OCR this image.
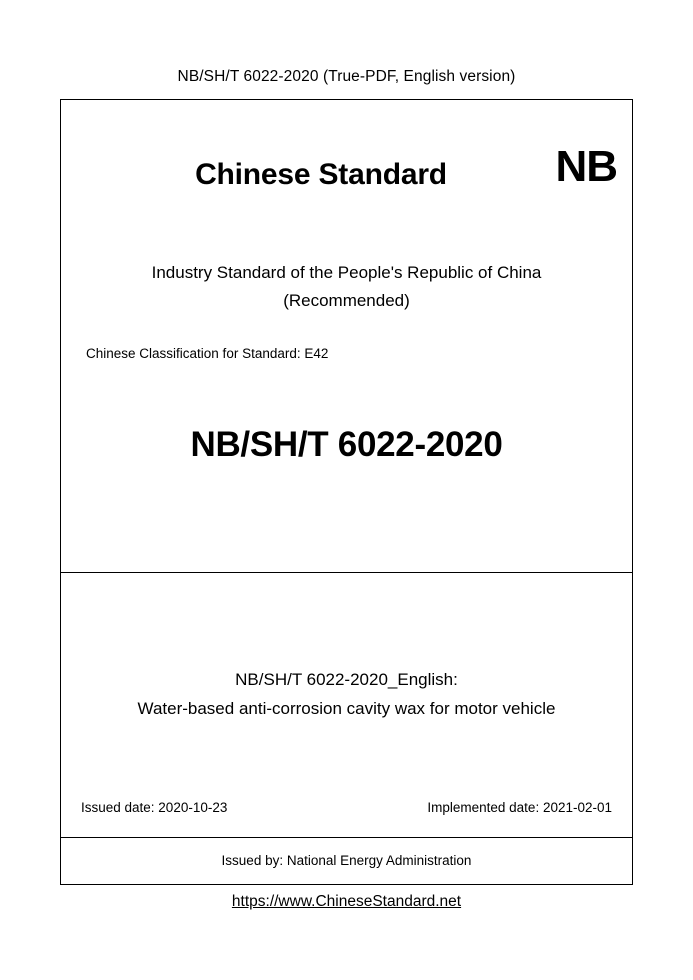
NB/SH/T 6022-2020 (True-PDF, English version)
Chinese Standard	NB
Industry Standard of the People's Republic of China
(Recommended)
Chinese Classification for Standard: E42
NB/SH/T 6022-2020
NB/SH/T 6022-2020_English:
Water-based anti-corrosion cavity wax for motor vehicle
Issued date: 2020-10-23	Implemented date: 2021-02-01
Issued by: National Energy Administration
https://www.ChineseStandard.net
